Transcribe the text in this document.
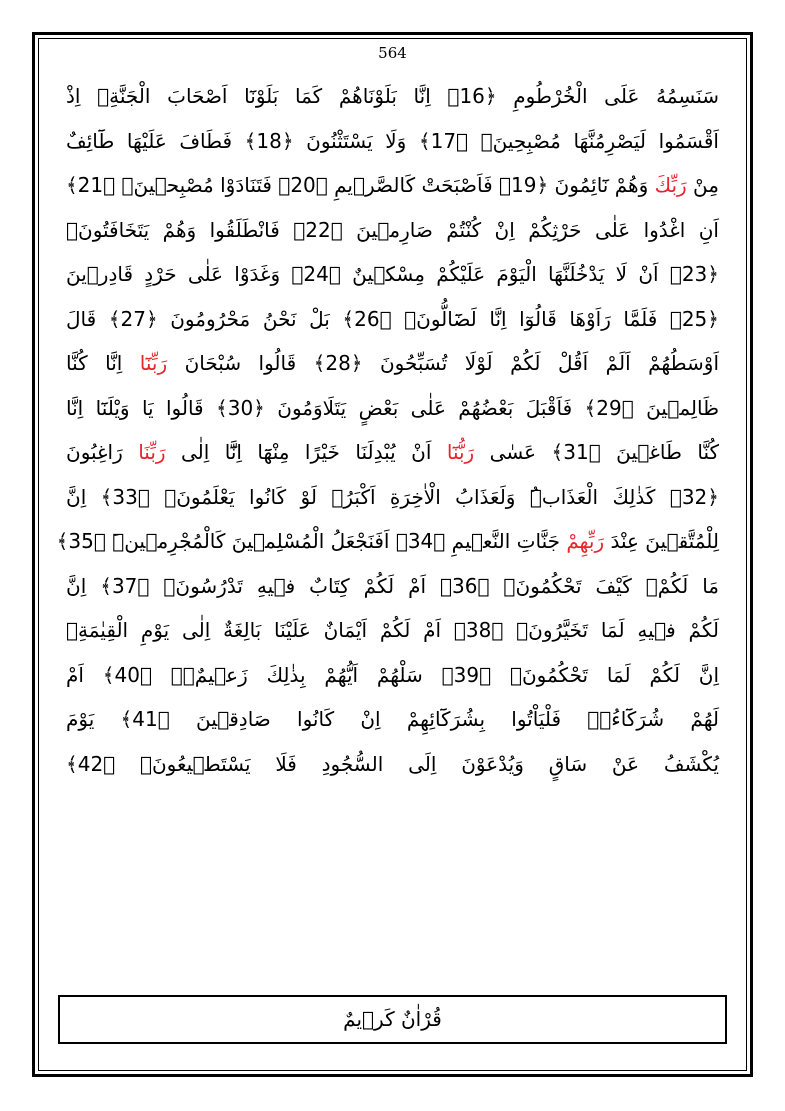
564
سَنَسِمُهُ عَلَى الْخُرْطُومِ ﴿16﴾ اِنَّا بَلَوْنَاهُمْ كَمَا بَلَوْنَٓا اَصْحَابَ الْجَنَّةِۚ اِذْ
اَقْسَمُوا لَيَصْرِمُنَّهَا مُصْبِحِينَۙ ﴿17﴾ وَلَا يَسْتَثْنُونَ ﴿18﴾ فَطَافَ عَلَيْهَا طَٓائِفٌ
مِنْ رَبِّكَ وَهُمْ نَٓائِمُونَ ﴿19﴾ فَاَصْبَحَتْ كَالصَّرٖيمِ ﴿20﴾ فَتَنَادَوْا مُصْبِحٖينَۙ ﴿21﴾
اَنِ اغْدُوا عَلٰى حَرْثِكُمْ اِنْ كُنْتُمْ صَارِمٖينَ ﴿22﴾ فَانْطَلَقُوا وَهُمْ يَتَخَافَتُونَۙ
﴿23﴾ اَنْ لَا يَدْخُلَنَّهَا الْيَوْمَ عَلَيْكُمْ مِسْكٖينٌ ﴿24﴾ وَغَدَوْا عَلٰى حَرْدٍ قَادِرٖينَ
﴿25﴾ فَلَمَّا رَاَوْهَا قَالُوٓا اِنَّا لَضَٓالُّونَۙ ﴿26﴾ بَلْ نَحْنُ مَحْرُومُونَ ﴿27﴾ قَالَ
اَوْسَطُهُمْ اَلَمْ اَقُلْ لَكُمْ لَوْلَا تُسَبِّحُونَ ﴿28﴾ قَالُوا سُبْحَانَ رَبِّنَٓا اِنَّا كُنَّا
ظَالِمٖينَ ﴿29﴾ فَاَقْبَلَ بَعْضُهُمْ عَلٰى بَعْضٍ يَتَلَاوَمُونَ ﴿30﴾ قَالُوا يَا وَيْلَنَٓا اِنَّا
كُنَّا طَاغٖينَ ﴿31﴾ عَسٰى رَبُّنَٓا اَنْ يُبْدِلَنَا خَيْرًا مِنْهَٓا اِنَّٓا اِلٰى رَبِّنَا رَاغِبُونَ
﴿32﴾ كَذٰلِكَ الْعَذَابُۜ وَلَعَذَابُ الْاٰخِرَةِ اَكْبَرُۢ لَوْ كَانُوا يَعْلَمُونَ۟ ﴿33﴾ اِنَّ
لِلْمُتَّقٖينَ عِنْدَ رَبِّهِمْ جَنَّاتِ النَّعٖيمِ ﴿34﴾ اَفَنَجْعَلُ الْمُسْلِمٖينَ كَالْمُجْرِمٖينَۜ ﴿35﴾
مَا لَكُمْ۠ كَيْفَ تَحْكُمُونَۚ ﴿36﴾ اَمْ لَكُمْ كِتَابٌ فٖيهِ تَدْرُسُونَۙ ﴿37﴾ اِنَّ
لَكُمْ فٖيهِ لَمَا تَخَيَّرُونَۚ ﴿38﴾ اَمْ لَكُمْ اَيْمَانٌ عَلَيْنَا بَالِغَةٌ اِلٰى يَوْمِ الْقِيٰمَةِۙ
اِنَّ لَكُمْ لَمَا تَحْكُمُونَۚ ﴿39﴾ سَلْهُمْ اَيُّهُمْ بِذٰلِكَ زَعٖيمٌۚۛ ﴿40﴾ اَمْ
لَهُمْ شُرَكَٓاءُۚۛ فَلْيَاْتُوا بِشُرَكَٓائِهِمْ اِنْ كَانُوا صَادِقٖينَ ﴿41﴾ يَوْمَ
يُكْشَفُ عَنْ سَاقٍ وَيُدْعَوْنَ اِلَى السُّجُودِ فَلَا يَسْتَطٖيعُونَۙ ﴿42﴾
قُرْاٰنٌ كَرٖيمٌ
